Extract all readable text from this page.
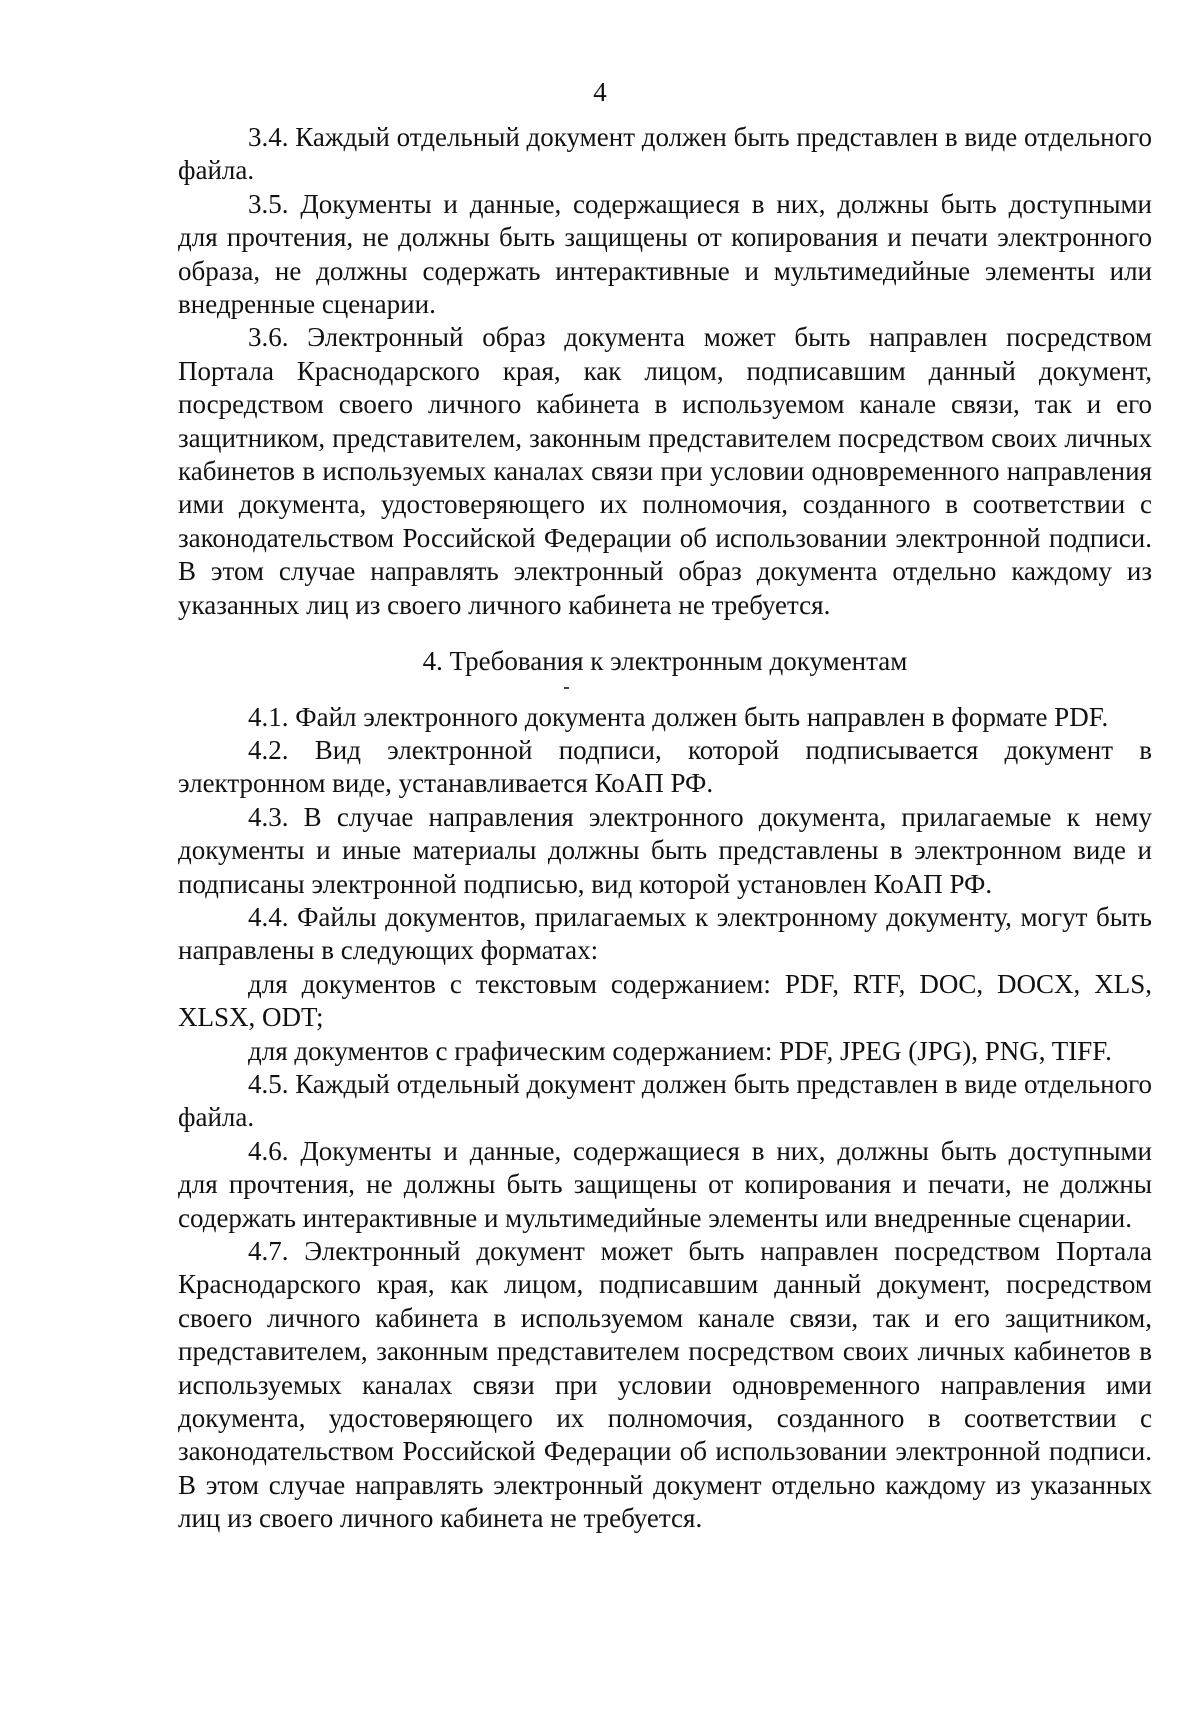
4

3.4. Каждый отдельный документ должен быть представлен в виде отдельного файла.

3.5. Документы и данные, содержащиеся в них, должны быть доступными для прочтения, не должны быть защищены от копирования и печати электронного образа, не должны содержать интерактивные и мультимедийные элементы или внедренные сценарии.

3.6. Электронный образ документа может быть направлен посредством Портала Краснодарского края, как лицом, подписавшим данный документ, посредством своего личного кабинета в используемом канале связи, так и его защитником, представителем, законным представителем посредством своих личных кабинетов в используемых каналах связи при условии одновременного направления ими документа, удостоверяющего их полномочия, созданного в соответствии с законодательством Российской Федерации об использовании электронной подписи. В этом случае направлять электронный образ документа отдельно каждому из указанных лиц из своего личного кабинета не требуется.

4. Требования к электронным документам

4.1. Файл электронного документа должен быть направлен в формате PDF.

4.2. Вид электронной подписи, которой подписывается документ в электронном виде, устанавливается КоАП РФ.

4.3. В случае направления электронного документа, прилагаемые к нему документы и иные материалы должны быть представлены в электронном виде и подписаны электронной подписью, вид которой установлен КоАП РФ.

4.4. Файлы документов, прилагаемых к электронному документу, могут быть направлены в следующих форматах:

для документов с текстовым содержанием: PDF, RTF, DOC, DOCX, XLS, XLSX, ODT;

для документов с графическим содержанием: PDF, JPEG (JPG), PNG, TIFF.

4.5. Каждый отдельный документ должен быть представлен в виде отдельного файла.

4.6. Документы и данные, содержащиеся в них, должны быть доступными для прочтения, не должны быть защищены от копирования и печати, не должны содержать интерактивные и мультимедийные элементы или внедренные сценарии.

4.7. Электронный документ может быть направлен посредством Портала Краснодарского края, как лицом, подписавшим данный документ, посредством своего личного кабинета в используемом канале связи, так и его защитником, представителем, законным представителем посредством своих личных кабинетов в используемых каналах связи при условии одновременного направления ими документа, удостоверяющего их полномочия, созданного в соответствии с законодательством Российской Федерации об использовании электронной подписи. В этом случае направлять электронный документ отдельно каждому из указанных лиц из своего личного кабинета не требуется.
